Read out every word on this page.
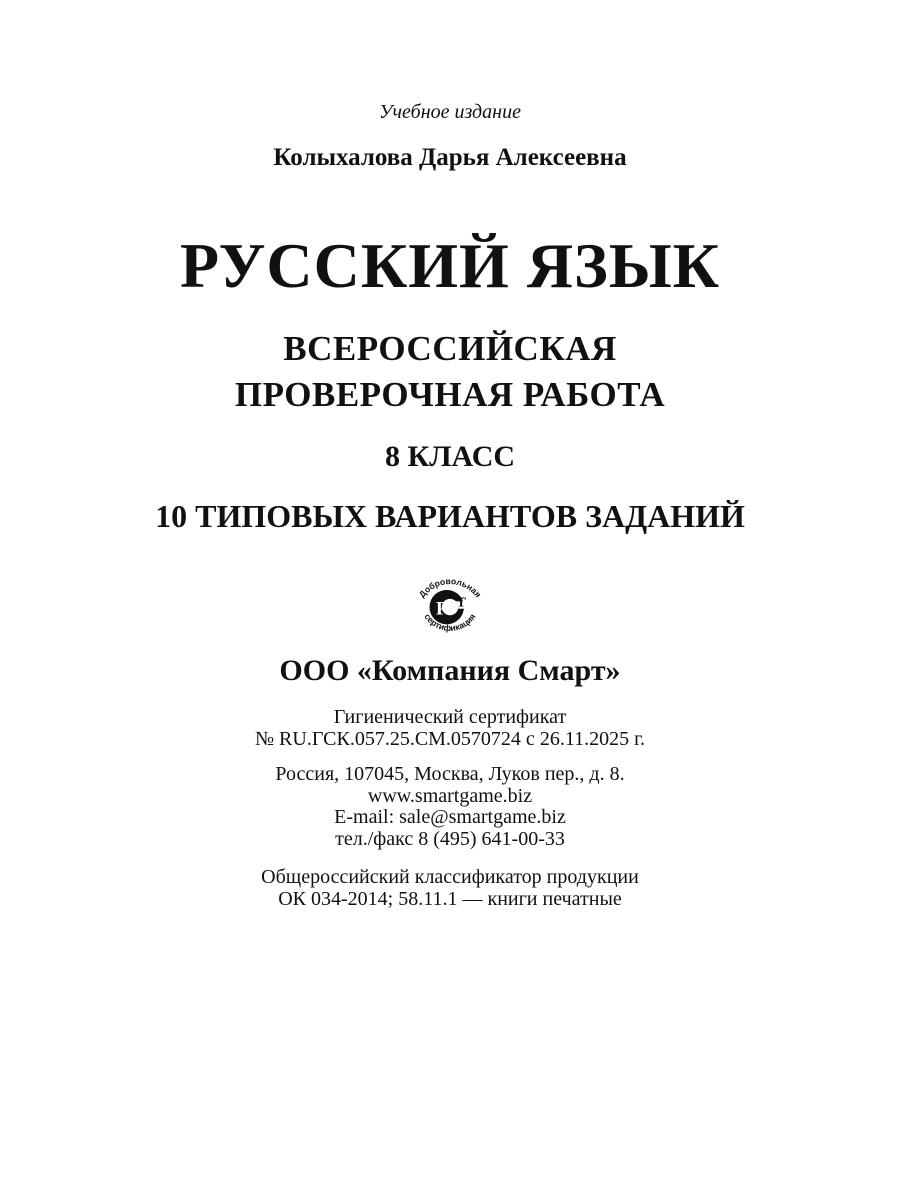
Учебное издание
Колыхалова Дарья Алексеевна
РУССКИЙ ЯЗЫК
ВСЕРОССИЙСКАЯ
ПРОВЕРОЧНАЯ РАБОТА
8 КЛАСС
10 ТИПОВЫХ ВАРИАНТОВ ЗАДАНИЙ
Р Т
Добровольная
сертификация
ООО «Компания Смарт»
Гигиенический сертификат
№ RU.ГСК.057.25.СМ.0570724 с 26.11.2025 г.
Россия, 107045, Москва, Луков пер., д. 8.
www.smartgame.biz
E-mail: sale@smartgame.biz
тел./факс 8 (495) 641-00-33
Общероссийский классификатор продукции
ОК 034-2014; 58.11.1 — книги печатные
